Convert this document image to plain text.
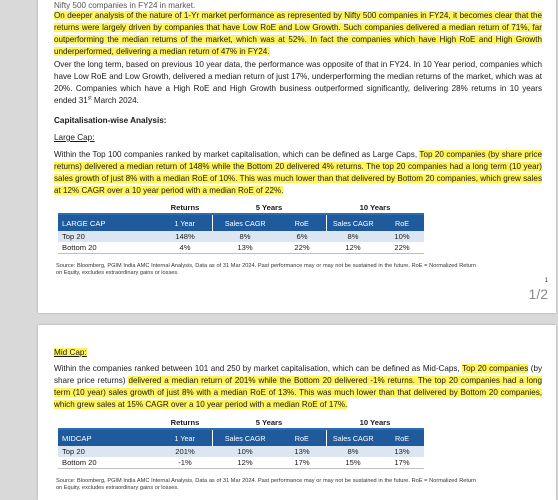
Nifty 500 companies in FY24 in market.

On deeper analysis of the nature of 1-Yr market performance as represented by Nifty 500 companies in FY24, it becomes clear that the returns were largely driven by companies that have Low RoE and Low Growth. Such companies delivered a median return of 71%, far outperforming the median returns of the market, which was at 52%. In fact the companies which have High RoE and High Growth underperformed, delivering a median return of 47% in FY24.

Over the long term, based on previous 10 year data, the performance was opposite of that in FY24. In 10 Year period, companies which have Low RoE and Low Growth, delivered a median return of just 17%, underperforming the median returns of the market, which was at 20%. Companies which have a High RoE and High Growth business outperformed significantly, delivering 28% returns in 10 years ended 31st March 2024.

Capitalisation-wise Analysis:

Large Cap:

Within the Top 100 companies ranked by market capitalisation, which can be defined as Large Caps, Top 20 companies (by share price returns) delivered a median return of 148% while the Bottom 20 delivered 4% returns. The top 20 companies had a long term (10 year) sales growth of just 8% with a median RoE of 10%. This was much lower than that delivered by Bottom 20 companies, which grew sales at 12% CAGR over a 10 year period with a median RoE of 22%.

	Returns	5 Years		10 Years	
LARGE CAP	1 Year	Sales CAGR	RoE	Sales CAGR	RoE
Top 20	148%	8%	6%	8%	10%
Bottom 20	4%	13%	22%	12%	22%

Source: Bloomberg, PGIM India AMC Internal Analysis, Data as of 31 Mar 2024. Past performance may or may not be sustained in the future. RoE = Normalized Return on Equity, excludes extraordinary gains or losses.

1
1/2

Mid Cap:

Within the companies ranked between 101 and 250 by market capitalisation, which can be defined as Mid-Caps, Top 20 companies (by share price returns) delivered a median return of 201% while the Bottom 20 delivered -1% returns. The top 20 companies had a long term (10 year) sales growth of just 8% with a median RoE of 13%. This was much lower than that delivered by Bottom 20 companies, which grew sales at 15% CAGR over a 10 year period with a median RoE of 17%.

	Returns	5 Years		10 Years	
MIDCAP	1 Year	Sales CAGR	RoE	Sales CAGR	RoE
Top 20	201%	10%	13%	8%	13%
Bottom 20	-1%	12%	17%	15%	17%

Source: Bloomberg, PGIM India AMC Internal Analysis, Data as of 31 Mar 2024. Past performance may or may not be sustained in the future. RoE = Normalized Return on Equity, excludes extraordinary gains or losses.
